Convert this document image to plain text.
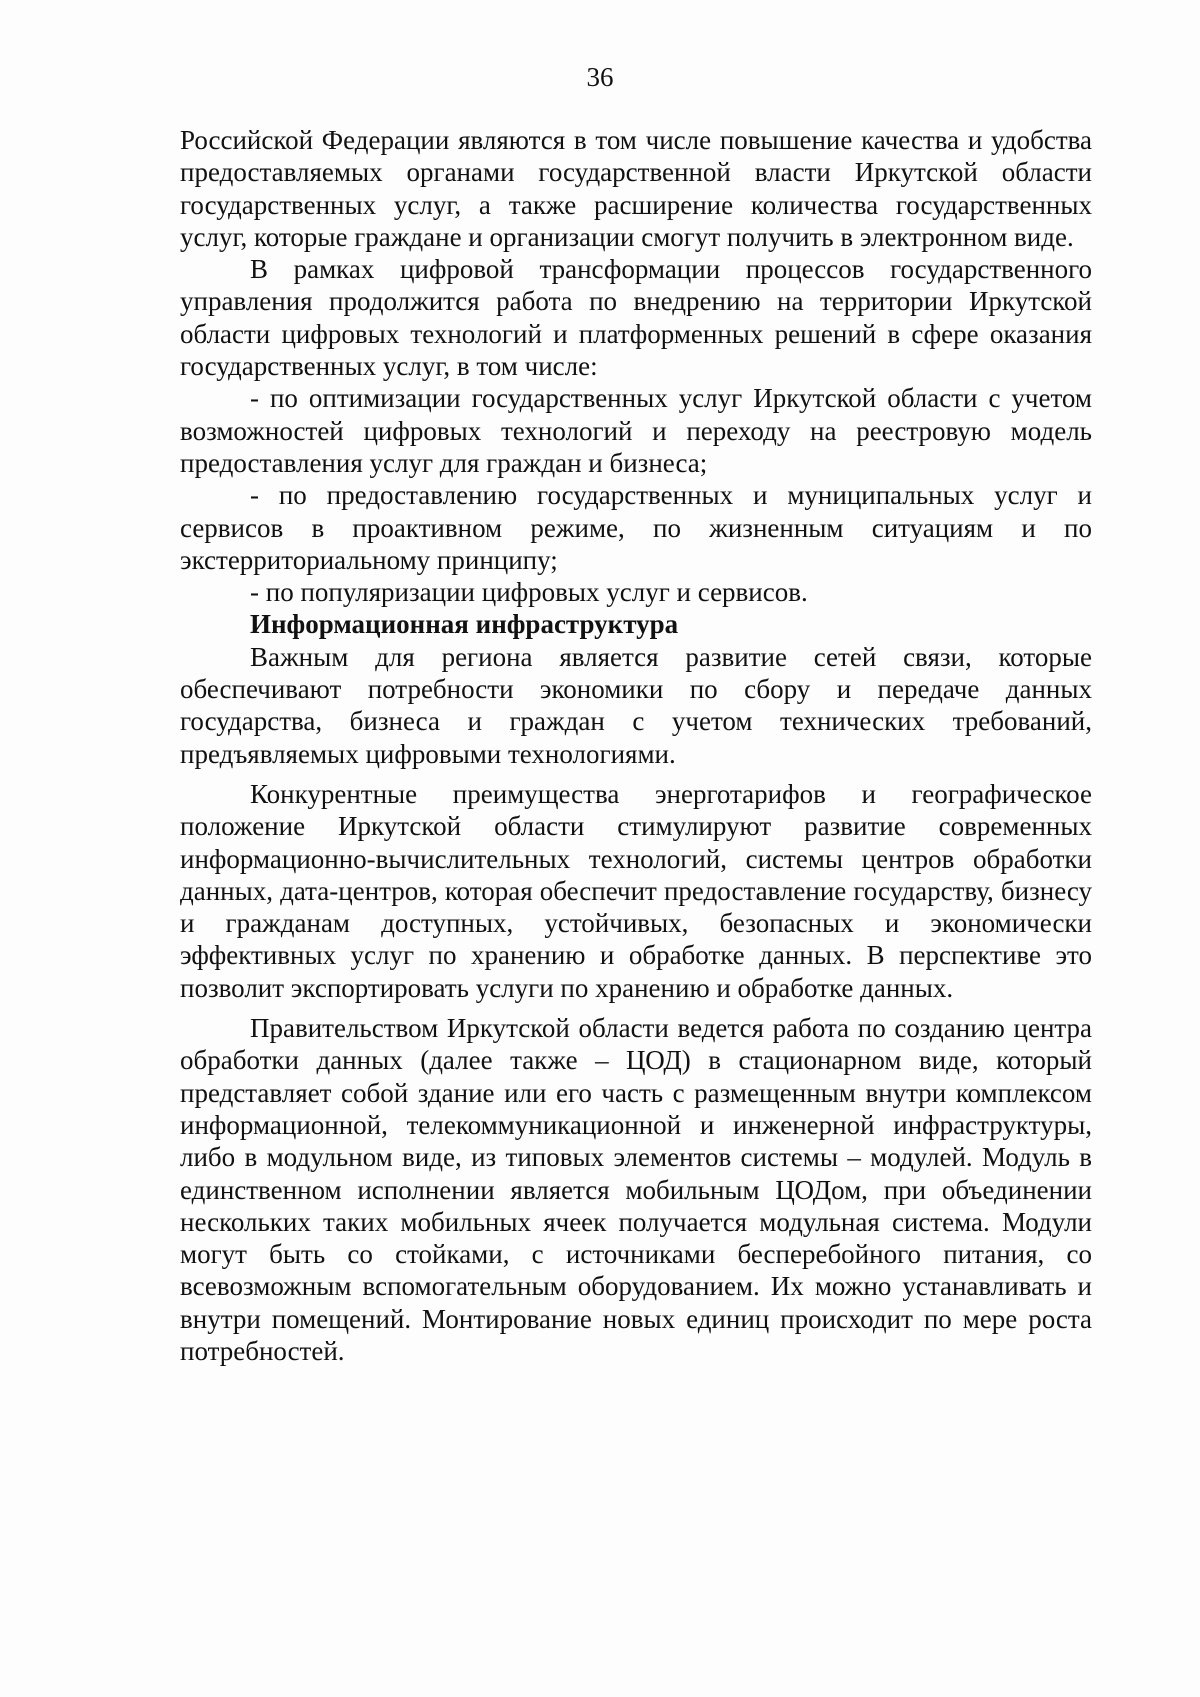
36

Российской Федерации являются в том числе повышение качества и удобства предоставляемых органами государственной власти Иркутской области государственных услуг, а также расширение количества государственных услуг, которые граждане и организации смогут получить в электронном виде.

В рамках цифровой трансформации процессов государственного управления продолжится работа по внедрению на территории Иркутской области цифровых технологий и платформенных решений в сфере оказания государственных услуг, в том числе:

- по оптимизации государственных услуг Иркутской области с учетом возможностей цифровых технологий и переходу на реестровую модель предоставления услуг для граждан и бизнеса;

- по предоставлению государственных и муниципальных услуг и сервисов в проактивном режиме, по жизненным ситуациям и по экстерриториальному принципу;

- по популяризации цифровых услуг и сервисов.

Информационная инфраструктура

Важным для региона является развитие сетей связи, которые обеспечивают потребности экономики по сбору и передаче данных государства, бизнеса и граждан с учетом технических требований, предъявляемых цифровыми технологиями.

Конкурентные преимущества энерготарифов и географическое положение Иркутской области стимулируют развитие современных информационно-вычислительных технологий, системы центров обработки данных, дата-центров, которая обеспечит предоставление государству, бизнесу и гражданам доступных, устойчивых, безопасных и экономически эффективных услуг по хранению и обработке данных. В перспективе это позволит экспортировать услуги по хранению и обработке данных.

Правительством Иркутской области ведется работа по созданию центра обработки данных (далее также – ЦОД) в стационарном виде, который представляет собой здание или его часть с размещенным внутри комплексом информационной, телекоммуникационной и инженерной инфраструктуры, либо в модульном виде, из типовых элементов системы – модулей. Модуль в единственном исполнении является мобильным ЦОДом, при объединении нескольких таких мобильных ячеек получается модульная система. Модули могут быть со стойками, с источниками бесперебойного питания, со всевозможным вспомогательным оборудованием. Их можно устанавливать и внутри помещений. Монтирование новых единиц происходит по мере роста потребностей.
